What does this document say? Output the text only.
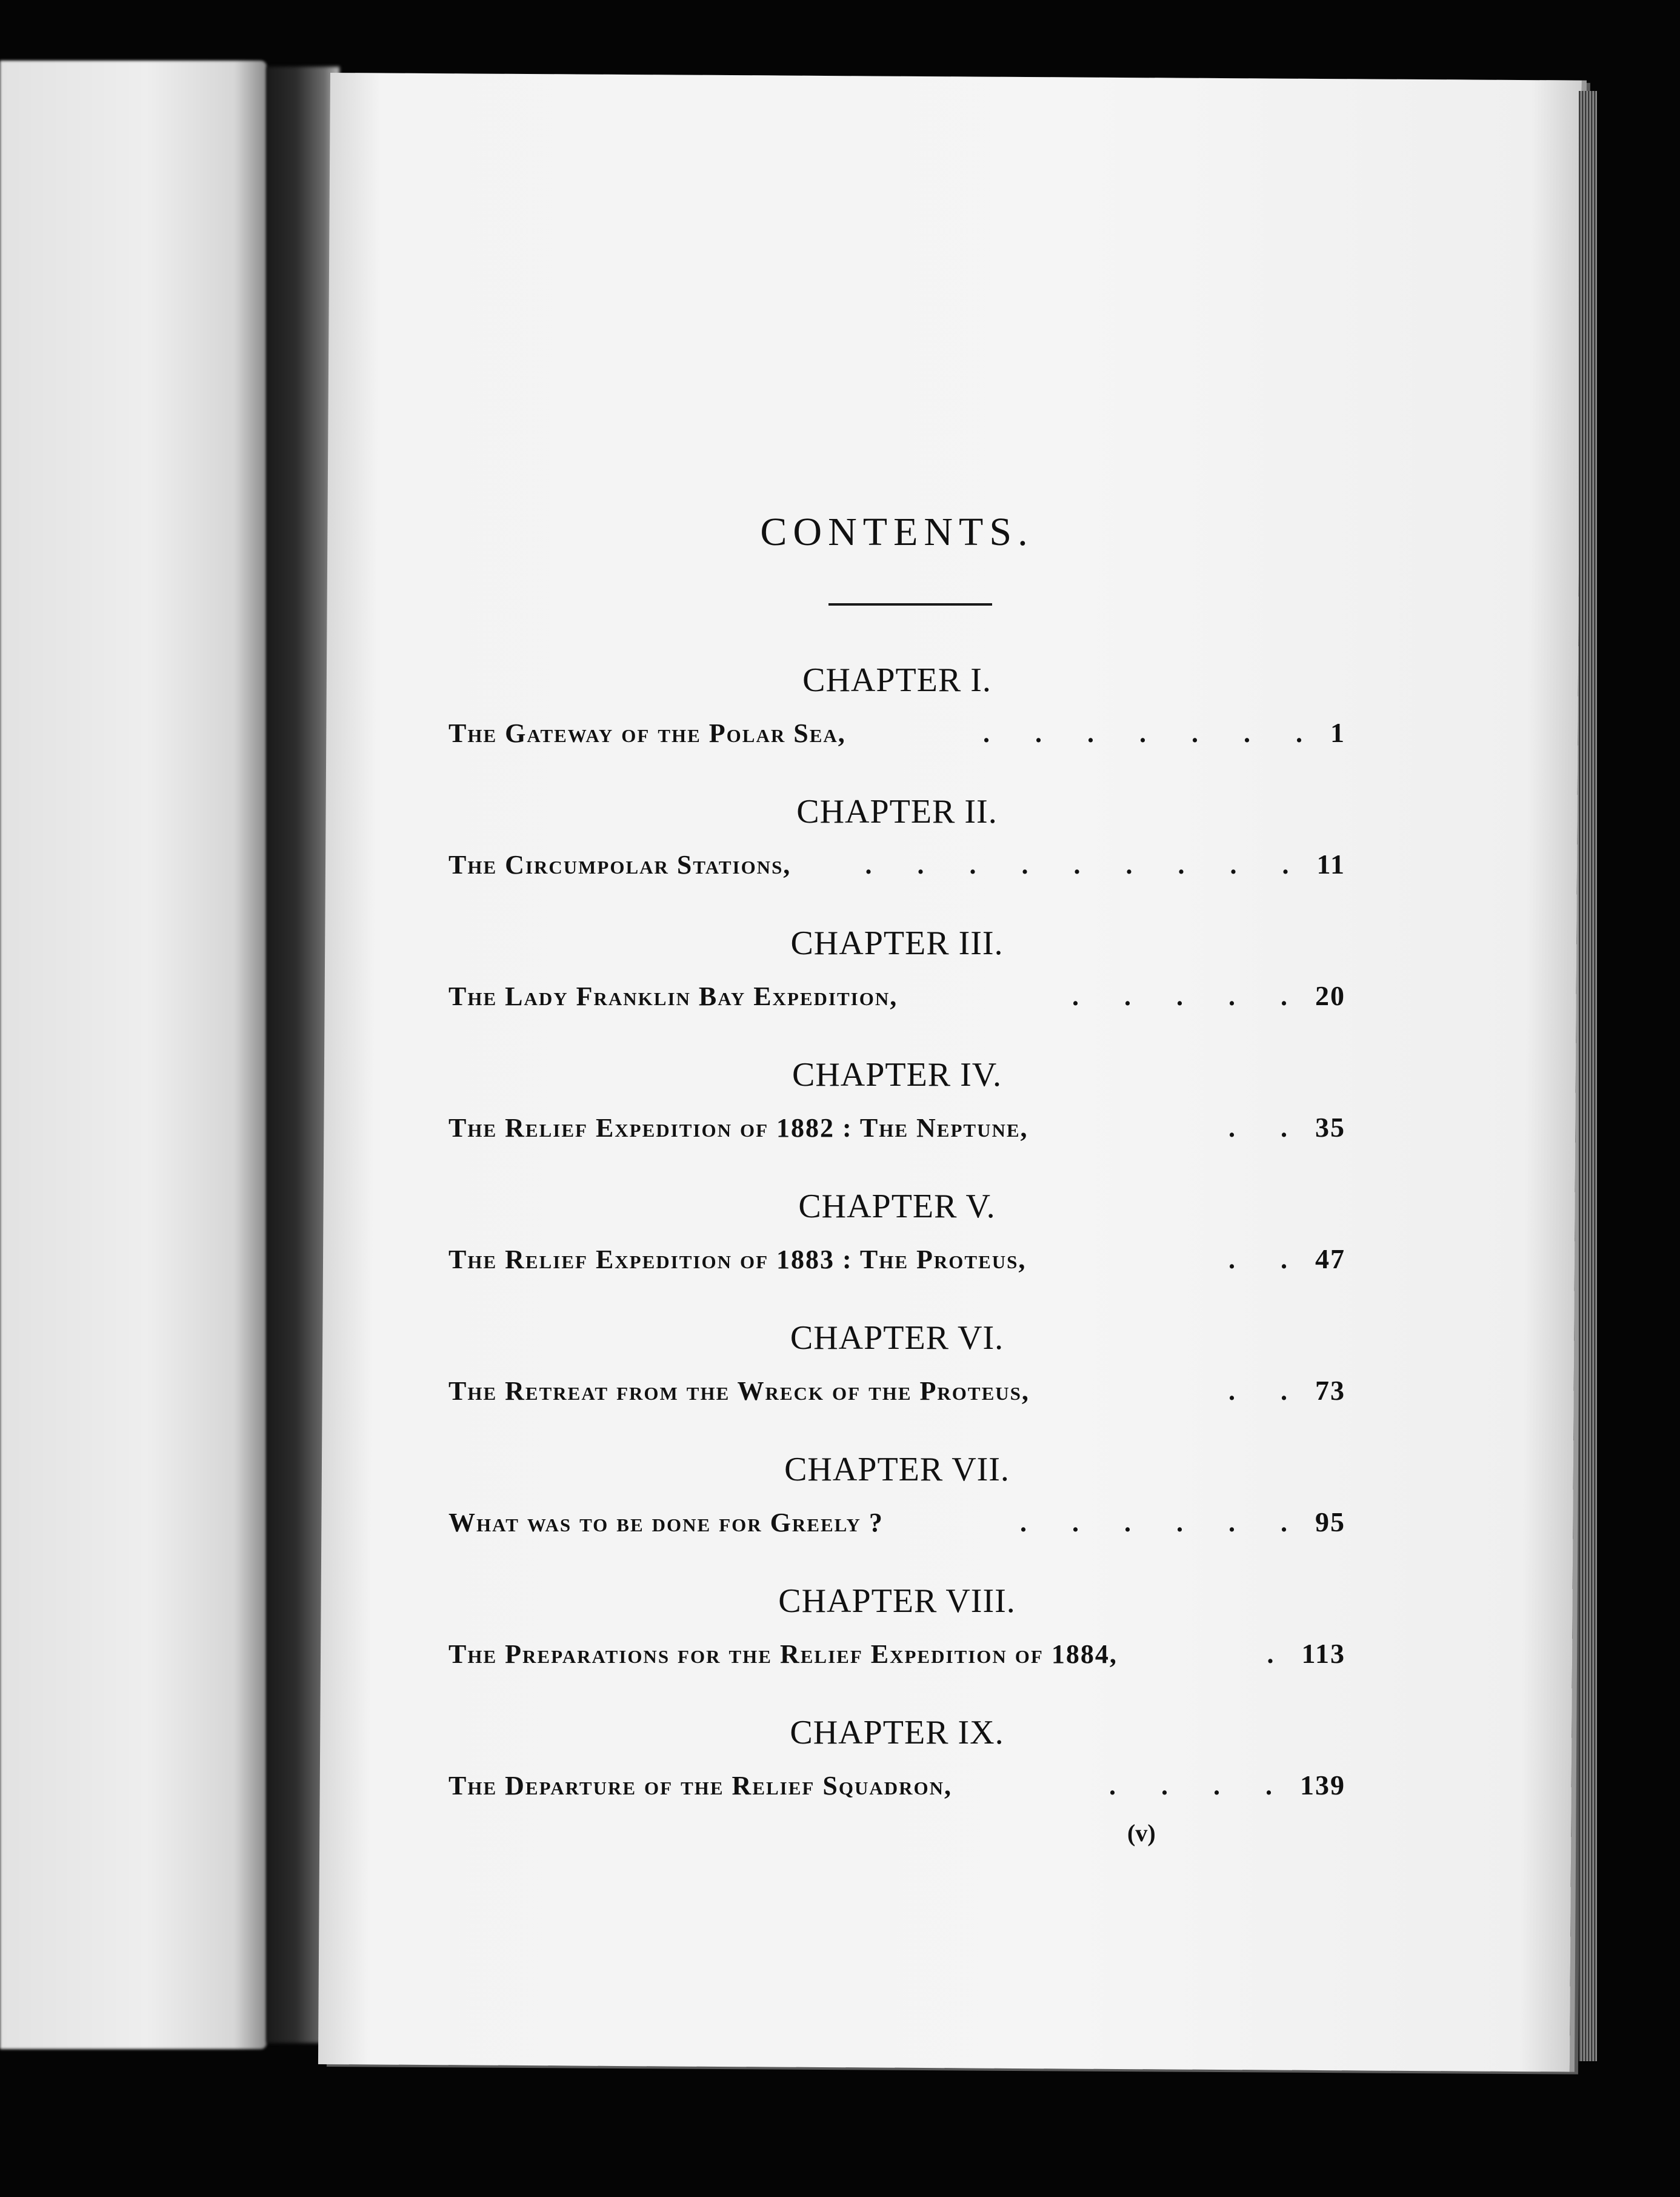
CONTENTS.
CHAPTER I.
The Gateway of the Polar Sea,	. . . . . . . 1
CHAPTER II.
The Circumpolar Stations,	. . . . . . . . . 11
CHAPTER III.
The Lady Franklin Bay Expedition,	. . . . . 20
CHAPTER IV.
The Relief Expedition of 1882 : The Neptune,	. . 35
CHAPTER V.
The Relief Expedition of 1883 : The Proteus,	. . 47
CHAPTER VI.
The Retreat from the Wreck of the Proteus,	. . 73
CHAPTER VII.
What was to be done for Greely ?	. . . . . . 95
CHAPTER VIII.
The Preparations for the Relief Expedition of 1884,	. 113
CHAPTER IX.
The Departure of the Relief Squadron,	. . . . 139
(v)
